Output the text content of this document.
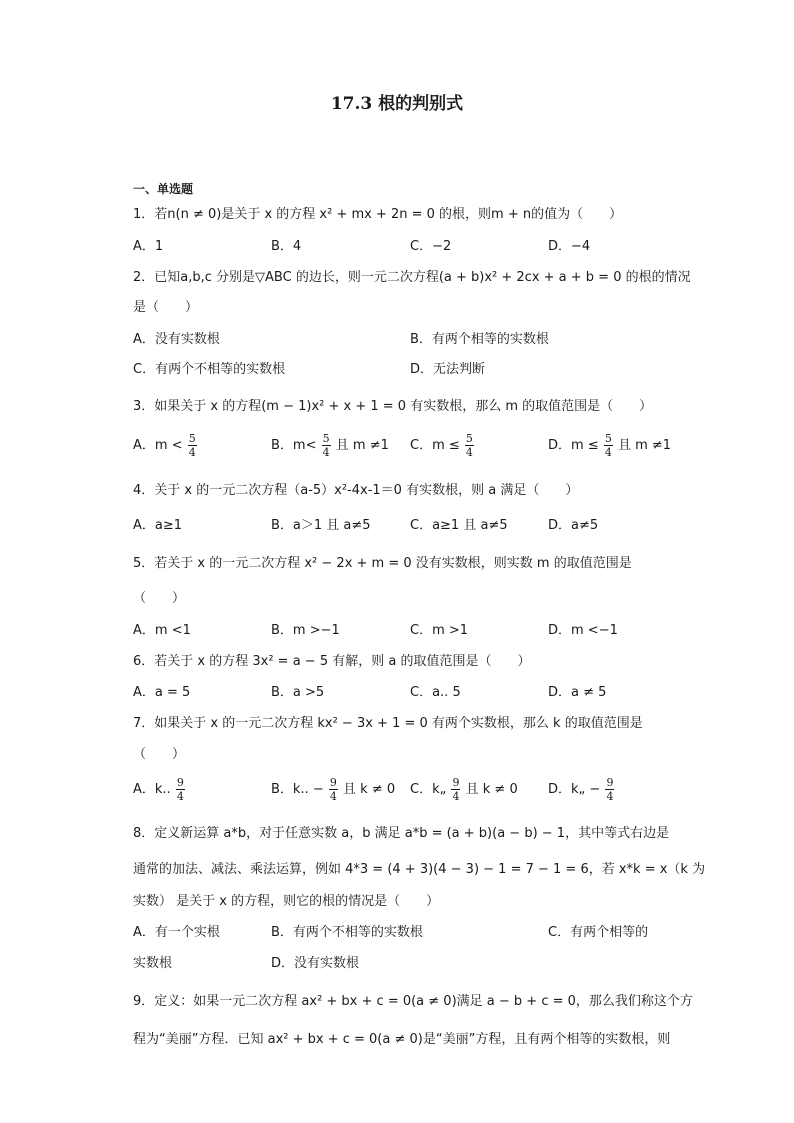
17.3 根的判别式
一、单选题
1．若n(n ≠ 0)是关于 x 的方程 x² + mx + 2n = 0 的根，则m + n的值为（　　）
A．1	B．4	C．−2	D．−4
2．已知a,b,c 分别是▽ABC 的边长，则一元二次方程(a + b)x² + 2cx + a + b = 0 的根的情况
是（　　）
A．没有实数根	B．有两个相等的实数根
C．有两个不相等的实数根	D．无法判断
3．如果关于 x 的方程(m − 1)x² + x + 1 = 0 有实数根，那么 m 的取值范围是（　　）
A．$m < \frac{5}{4}$	B．$m< \frac{5}{4}$ 且 m ≠1 C．$m \le \frac{5}{4}$	D．$m \le \frac{5}{4}$ 且 m ≠1
4．关于 x 的一元二次方程（a-5）x²-4x-1＝0 有实数根，则 a 满足（　　）
A．a≥1	B．a＞1 且 a≠5	C．a≥1 且 a≠5	D．a≠5
5．若关于 x 的一元二次方程 x² − 2x + m = 0 没有实数根，则实数 m 的取值范围是
（　　）
A．m <1	B．m >−1	C．m >1	D．m <−1
6．若关于 x 的方程 3x² = a − 5 有解，则 a 的取值范围是（　　）
A．a = 5	B．a >5	C．a.. 5	D．a ≠ 5
7．如果关于 x 的一元二次方程 kx² − 3x + 1 = 0 有两个实数根，那么 k 的取值范围是
（　　）
A．k.. $\frac{9}{4}$	B．k.. − $\frac{9}{4}$ 且 k ≠ 0 C．k„ $\frac{9}{4}$ 且 k ≠ 0 D．k„ − $\frac{9}{4}$
8．定义新运算 a*b，对于任意实数 a，b 满足 a*b = (a + b)(a − b) − 1，其中等式右边是
通常的加法、减法、乘法运算，例如 4*3 = (4 + 3)(4 − 3) − 1 = 7 − 1 = 6，若 x*k = x（k 为
实数） 是关于 x 的方程，则它的根的情况是（　　）
A．有一个实根	B．有两个不相等的实数根	C．有两个相等的
实数根	D．没有实数根
9．定义：如果一元二次方程 ax² + bx + c = 0(a ≠ 0)满足 a − b + c = 0，那么我们称这个方
程为“美丽”方程．已知 ax² + bx + c = 0(a ≠ 0)是“美丽”方程，且有两个相等的实数根，则
